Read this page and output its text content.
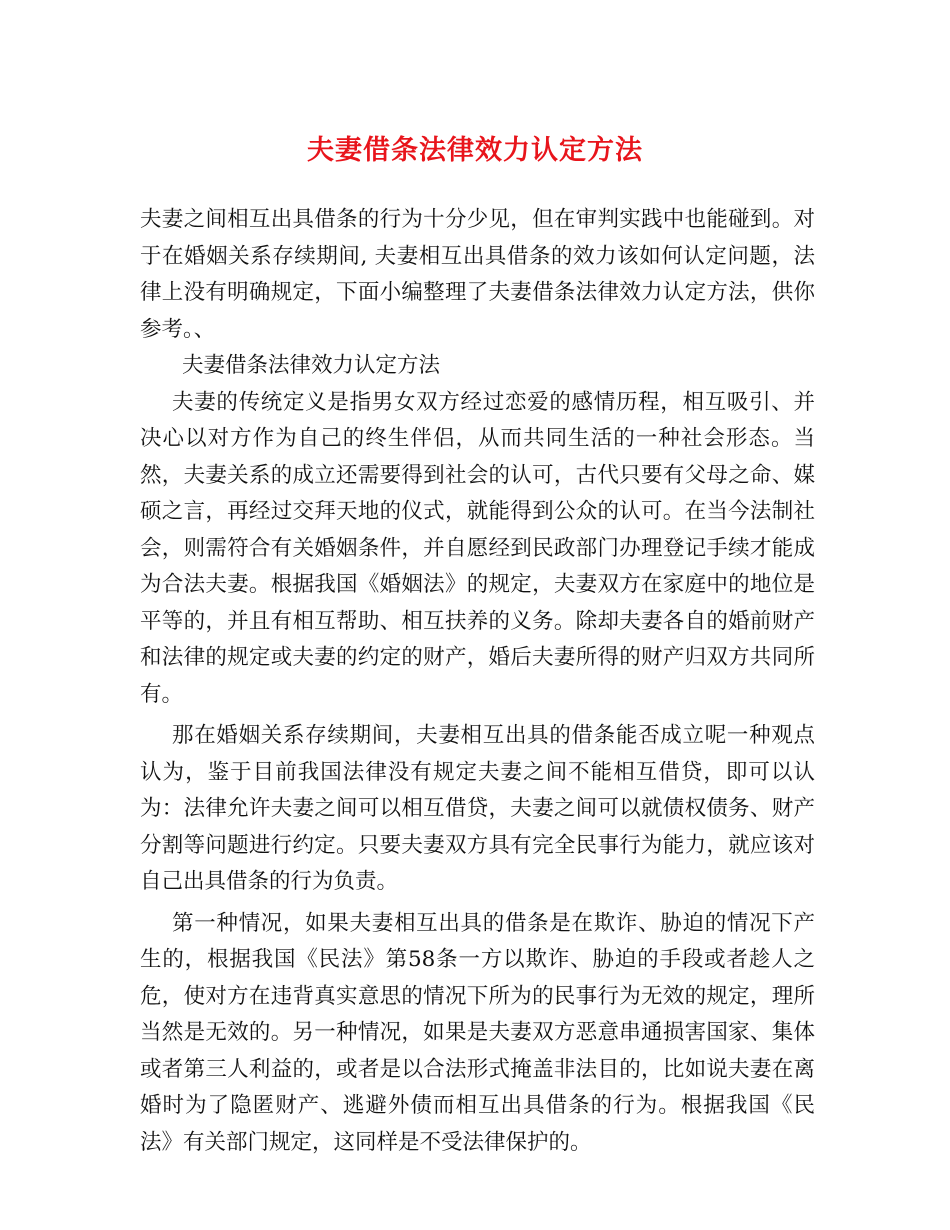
夫妻借条法律效力认定方法

夫妻之间相互出具借条的行为十分少见，但在审判实践中也能碰到。对于在婚姻关系存续期间, 夫妻相互出具借条的效力该如何认定问题，法律上没有明确规定，下面小编整理了夫妻借条法律效力认定方法，供你参考。、

夫妻借条法律效力认定方法

夫妻的传统定义是指男女双方经过恋爱的感情历程，相互吸引、并决心以对方作为自己的终生伴侣，从而共同生活的一种社会形态。当然，夫妻关系的成立还需要得到社会的认可，古代只要有父母之命、媒硕之言，再经过交拜天地的仪式，就能得到公众的认可。在当今法制社会，则需符合有关婚姻条件，并自愿经到民政部门办理登记手续才能成为合法夫妻。根据我国《婚姻法》的规定，夫妻双方在家庭中的地位是平等的，并且有相互帮助、相互扶养的义务。除却夫妻各自的婚前财产和法律的规定或夫妻的约定的财产，婚后夫妻所得的财产归双方共同所有。

那在婚姻关系存续期间，夫妻相互出具的借条能否成立呢一种观点认为，鉴于目前我国法律没有规定夫妻之间不能相互借贷，即可以认为：法律允许夫妻之间可以相互借贷，夫妻之间可以就债权债务、财产分割等问题进行约定。只要夫妻双方具有完全民事行为能力，就应该对自己出具借条的行为负责。

第一种情况，如果夫妻相互出具的借条是在欺诈、胁迫的情况下产生的，根据我国《民法》第58条一方以欺诈、胁迫的手段或者趁人之危，使对方在违背真实意思的情况下所为的民事行为无效的规定，理所当然是无效的。另一种情况，如果是夫妻双方恶意串通损害国家、集体或者第三人利益的，或者是以合法形式掩盖非法目的，比如说夫妻在离婚时为了隐匿财产、逃避外债而相互出具借条的行为。根据我国《民法》有关部门规定，这同样是不受法律保护的。
